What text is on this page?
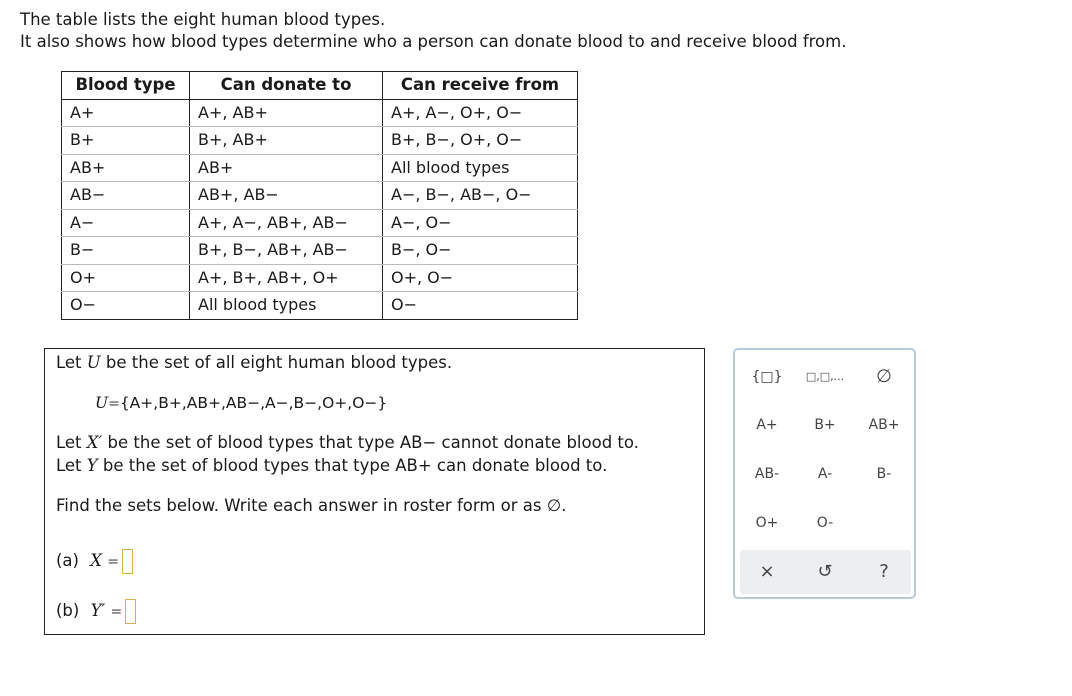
The table lists the eight human blood types.
It also shows how blood types determine who a person can donate blood to and receive blood from.
Blood type	Can donate to	Can receive from
A+	A+, AB+	A+, A−, O+, O−
B+	B+, AB+	B+, B−, O+, O−
AB+	AB+	All blood types
AB−	AB+, AB−	A−, B−, AB−, O−
A−	A+, A−, AB+, AB−	A−, O−
B−	B+, B−, AB+, AB−	B−, O−
O+	A+, B+, AB+, O+	O+, O−
O−	All blood types	O−
Let U be the set of all eight human blood types.
U={A+,B+,AB+,AB−,A−,B−,O+,O−}
Let X′ be the set of blood types that type AB− cannot donate blood to.
Let Y be the set of blood types that type AB+ can donate blood to.
Find the sets below. Write each answer in roster form or as ∅.
(a) X =
(b) Y′ =
{□}	□,□,...	∅
A+	B+	AB+
AB-	A-	B-
O+	O-
×	↺	?
